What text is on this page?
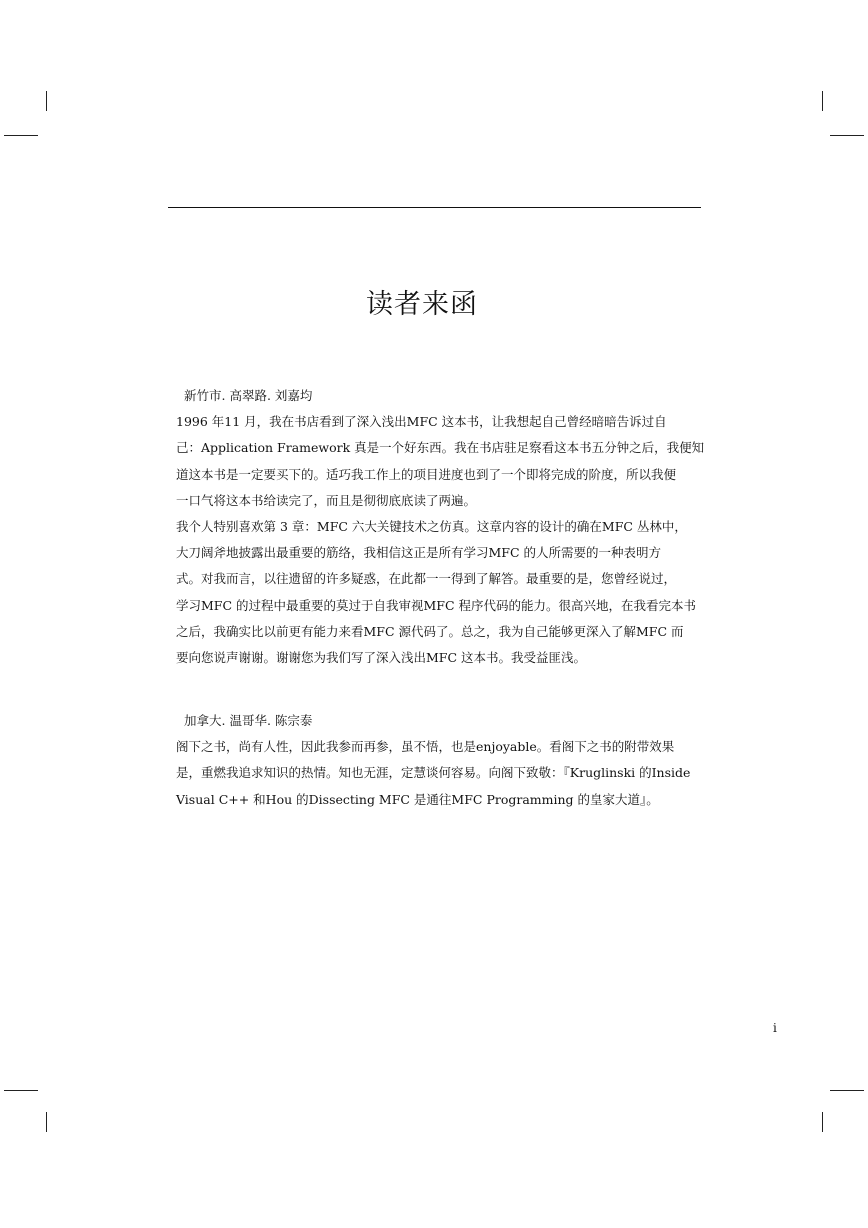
读者来函

新竹市. 高翠路. 刘嘉均

1996 年11 月，我在书店看到了深入浅出MFC 这本书，让我想起自己曾经暗暗告诉过自

己：Application Framework 真是一个好东西。我在书店驻足察看这本书五分钟之后，我便知

道这本书是一定要买下的。适巧我工作上的项目进度也到了一个即将完成的阶度，所以我便

一口气将这本书给读完了，而且是彻彻底底读了两遍。

我个人特别喜欢第 3 章：MFC 六大关键技术之仿真。这章内容的设计的确在MFC 丛林中，

大刀阔斧地披露出最重要的筋络，我相信这正是所有学习MFC 的人所需要的一种表明方

式。对我而言，以往遗留的许多疑惑，在此都一一得到了解答。最重要的是，您曾经说过，

学习MFC 的过程中最重要的莫过于自我审视MFC 程序代码的能力。很高兴地，在我看完本书

之后，我确实比以前更有能力来看MFC 源代码了。总之，我为自己能够更深入了解MFC 而

要向您说声谢谢。谢谢您为我们写了深入浅出MFC 这本书。我受益匪浅。

加拿大. 温哥华. 陈宗泰

阁下之书，尚有人性，因此我参而再参，虽不悟，也是enjoyable。看阁下之书的附带效果

是，重燃我追求知识的热情。知也无涯，定慧谈何容易。向阁下致敬：『Kruglinski 的Inside

Visual C++ 和Hou 的Dissecting MFC 是通往MFC Programming 的皇家大道』。

i
